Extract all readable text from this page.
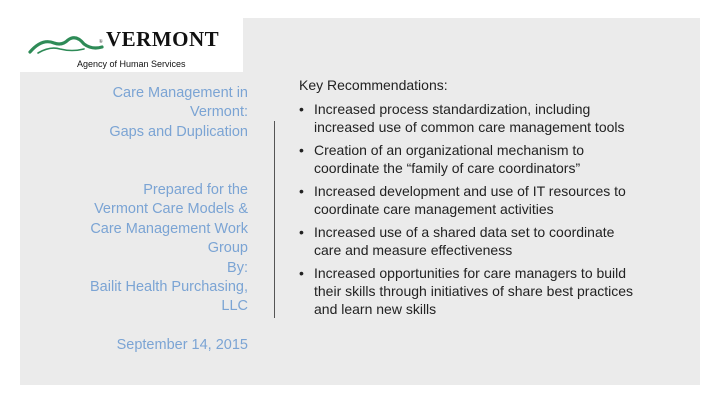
® VERMONT
Agency of Human Services
Care Management in
Vermont:
Gaps and Duplication
Prepared for the
Vermont Care Models &
Care Management Work
Group
By:
Bailit Health Purchasing,
LLC
September 14, 2015
Key Recommendations:
• Increased process standardization, including
increased use of common care management tools
• Creation of an organizational mechanism to
coordinate the “family of care coordinators”
• Increased development and use of IT resources to
coordinate care management activities
• Increased use of a shared data set to coordinate
care and measure effectiveness
• Increased opportunities for care managers to build
their skills through initiatives of share best practices
and learn new skills
